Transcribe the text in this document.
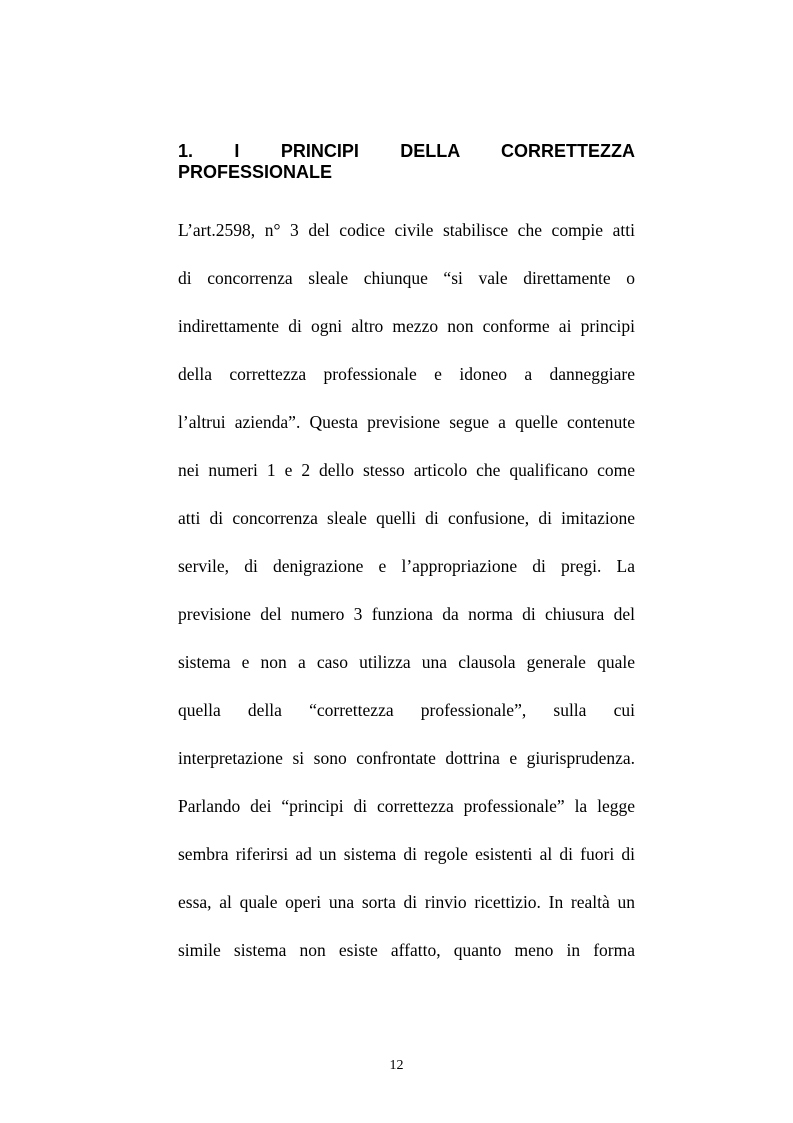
1. I PRINCIPI DELLA CORRETTEZZA
PROFESSIONALE
L’art.2598, n° 3 del codice civile stabilisce che compie atti
di concorrenza sleale chiunque “si vale direttamente o
indirettamente di ogni altro mezzo non conforme ai principi
della correttezza professionale e idoneo a danneggiare
l’altrui azienda”. Questa previsione segue a quelle contenute
nei numeri 1 e 2 dello stesso articolo che qualificano come
atti di concorrenza sleale quelli di confusione, di imitazione
servile, di denigrazione e l’appropriazione di pregi. La
previsione del numero 3 funziona da norma di chiusura del
sistema e non a caso utilizza una clausola generale quale
quella della “correttezza professionale”, sulla cui
interpretazione si sono confrontate dottrina e giurisprudenza.
Parlando dei “principi di correttezza professionale” la legge
sembra riferirsi ad un sistema di regole esistenti al di fuori di
essa, al quale operi una sorta di rinvio ricettizio. In realtà un
simile sistema non esiste affatto, quanto meno in forma
12
